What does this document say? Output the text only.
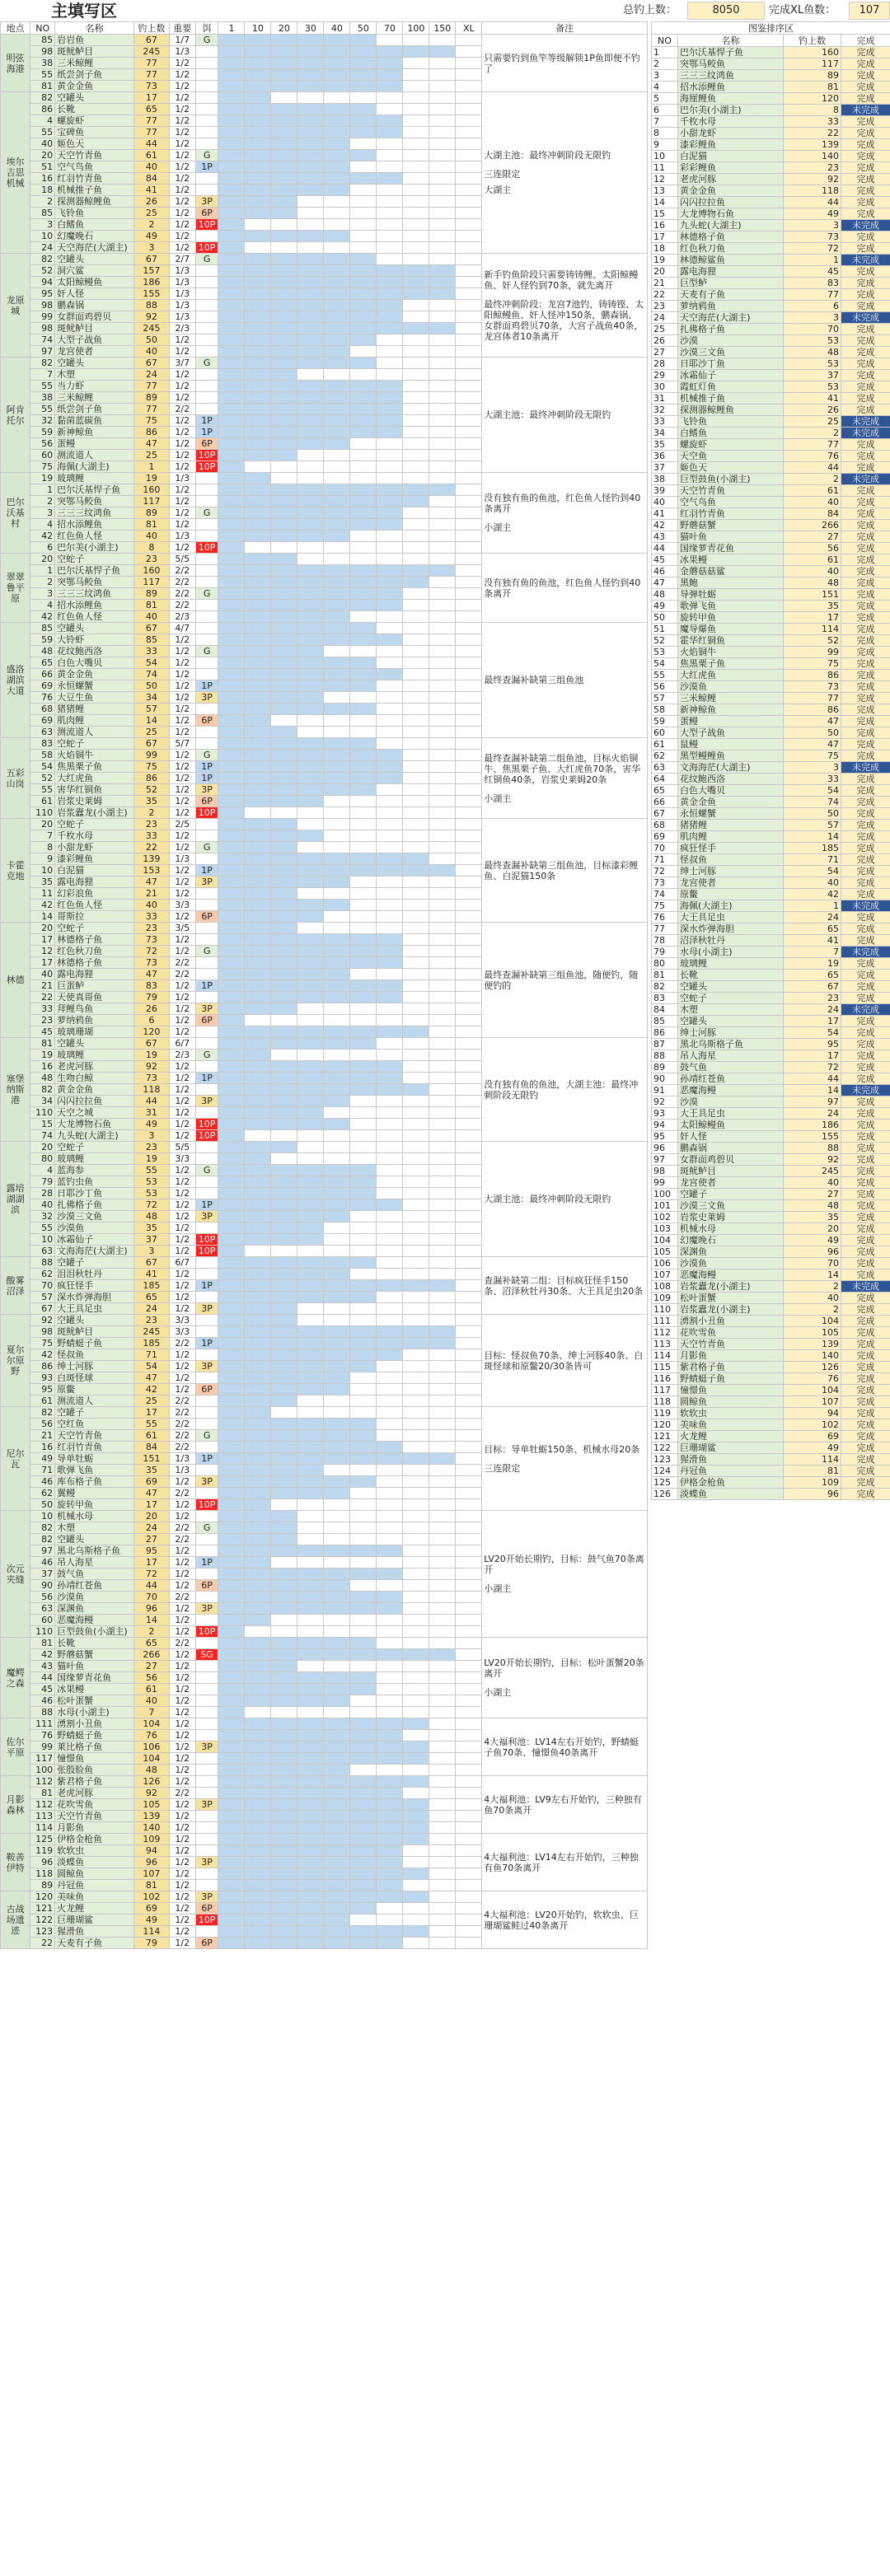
主填写区	总钓上数：	8050	完成XL鱼数：	107
地点	NO	名称	钓上数	重要	饵	1	10	20	30	40	50	70	100	150	XL	备注
明弦海港	85	岩岩鱼	67	1/7	G											只需要钓到鱼竿等级解锁1P鱼即便不钓了

	98	斑鱿鲈目	245	1/3												
	38	三米鲸鲤	77	1/2												
	55	纸尝剑子鱼	77	1/2												
	81	黄金金鱼	73	1/2												
埃尔吉思机械	82	空罐头	17	1/2												大湖主池：最终冲刺阶段无限钓
三连限定
大湖主

	86	长靴	65	1/2												
	4	螺旋虾	77	1/2												
	55	宝碑鱼	77	1/2												
	40	姬色天	44	1/2												
	20	天空竹青鱼	61	1/2	G											
	51	空气鸟鱼	40	1/2	1P											
	16	红羽竹青鱼	84	1/2												
	18	机械推子鱼	41	1/2												
	2	探测器鲸鲤鱼	26	1/2	3P											
	85	飞铃鱼	25	1/2	6P											
	3	白鳍鱼	2	1/2	10P											
	10	幻魔晚石	49	1/2												
	24	天空海茫(大湖主)	3	1/2	10P											
龙原城	82	空罐头	67	2/7	G											新手钓鱼阶段只需要铸铸鲤、太阳鲸鳗鱼、奸人怪钓到70条，就先离开
最终冲刺阶段：龙宫7池钓，铸铸铿、太阳鲸鳗鱼、奸人怪冲150条，鹏森锅、女群面鸡碧贝70条，大宫子战鱼40条，龙宫体者10条离开

	52	洞穴鲨	157	1/3												
	94	太阳鲸鳗鱼	186	1/3												
	95	奸人怪	155	1/3												
	98	鹏森锅	88	1/3												
	99	女群面鸡碧贝	92	1/3												
	98	斑鱿鲈目	245	2/3												
	74	大型子战鱼	50	1/2												
	97	龙宫使者	40	1/2												
阿肯托尔	82	空罐头	67	3/7	G											大湖主池：最终冲刺阶段无限钓

	7	木塑	24	1/2												
	55	当力虾	77	1/2												
	38	三米鲸鲤	89	1/2												
	55	纸尝剑子鱼	77	2/2												
	32	黏菌蓝碳鱼	75	1/2	1P											
	59	新神鲸鱼	86	1/2	1P											
	56	蛋鳗	47	1/2	6P											
	60	测流道人	25	1/2	10P											
	75	海佩(大湖主)	1	1/2	10P											
巴尔沃基村	19	玻璃鲤	19	1/3												没有独有鱼的鱼池，红色鱼人怪钓到40条离开
小湖主

	1	巴尔沃基悍子鱼	160	1/2												
	2	突鄂马鲛鱼	117	1/2												
	3	三三三纹鸿鱼	89	1/2	G											
	4	招水添鲤鱼	81	1/2												
	42	红色鱼人怪	40	1/3												
	6	巴尔美(小湖主)	8	1/2	10P											
翠翠鲁平原	20	空蛇子	23	5/5												没有独有鱼的鱼池，红色鱼人怪钓到40条离开

	1	巴尔沃基悍子鱼	160	2/2												
	2	突鄂马鲛鱼	117	2/2												
	3	三三三纹鸿鱼	89	2/2	G											
	4	招水添鲤鱼	81	2/2												
	42	红色鱼人怪	40	2/3												
盛洛湖滨大道	85	空罐头	67	4/7												最终查漏补缺第三组鱼池

	59	大铃虾	85	1/2												
	48	花纹鲍西洛	33	1/2	G											
	65	白色大嘴贝	54	1/2												
	66	黄金金鱼	74	1/2												
	69	永恒螺蟹	50	1/2	1P											
	76	大豆生鱼	34	1/2	3P											
	68	猪猪鲤	57	1/2												
	69	肌肉鲤	14	1/2	6P											
	63	测流道人	25	1/2												
五彩山岗	83	空蛇子	67	5/7												最终查漏补缺第二组鱼池，目标火焰铜牛、焦黑栗子鱼、大红虎鱼70条，害华红铜鱼40条，岩浆史莱姆20条
小湖主

	58	火焰铜牛	99	1/2	G											
	54	焦黑栗子鱼	75	1/2	1P											
	52	大红虎鱼	86	1/2	1P											
	55	害华红铜鱼	52	1/2	3P											
	61	岩浆史莱姆	35	1/2	6P											
	110	岩浆蠹龙(小湖主)	2	1/2	10P											
卡霍克地	20	空蛇子	23	2/5												最终查漏补缺第三组鱼池，目标漆彩鲤鱼、白泥猫150条

	7	千枚水母	33	1/2												
	8	小甜龙虾	22	1/2	G											
	9	漆彩鲤鱼	139	1/3												
	10	白泥猫	153	1/2	1P											
	35	露电海狸	47	1/2	3P											
	11	幻彩浪鱼	21	1/2												
	42	红色鱼人怪	40	3/3												
	14	哥斯拉	33	1/2	6P											
林德	20	空蛇子	23	3/5												最终查漏补缺第三组鱼池，随便钓，随便钓的

	17	林德格子鱼	73	1/2												
	12	红色秋刀鱼	72	1/2	G											
	17	林德格子鱼	73	2/2												
	40	露电海狸	47	2/2												
	21	巨蛋鲈	83	1/2	1P											
	22	天使真哥鱼	79	1/2												
	33	拜鲤鸟鱼	26	1/2	3P											
	23	萝纳鸦鱼	6	1/2	6P											
	45	玻璃珊瑚	120	1/2												
塞堡纳斯港	81	空罐头	67	6/7												没有独有鱼的鱼池，大湖主池：最终冲刺阶段无限钓

	19	玻璃鲤	19	2/3	G											
	16	老虎河豚	92	1/2												
	48	生吻白鲸	73	1/2	1P											
	82	黄金金鱼	118	1/2												
	34	闪闪拉拉鱼	44	1/2	3P											
	110	天空之城	31	1/2												
	15	大龙博物石鱼	49	1/2	10P											
	74	九头蛇(大湖主)	3	1/2	10P											
露培湖湖滨	20	空蛇子	23	5/5												大湖主池：最终冲刺阶段无限钓

	80	玻璃鲤	19	3/3												
	4	蓝海参	55	1/2	G											
	79	蓝钓虫鱼	53	1/2												
	28	日耶沙丁鱼	53	1/2												
	40	扎佛格子鱼	72	1/2	1P											
	32	沙漠三文鱼	48	1/2	3P											
	55	沙漠鱼	35	1/2												
	10	冰霜仙子	37	1/2	10P											
	63	文海海茫(大湖主)	3	1/2	10P											
酸雾沼泽	88	空罐子	67	6/7												查漏补缺第二组：目标疯狂怪手150条、沼泽秋牡丹30条、大王具足虫20条

	62	泪泪秋牡丹	41	1/2												
	70	疯狂怪手	185	1/2	1P											
	57	深水炸弹海胆	65	1/2												
	67	大王具足虫	24	1/2	3P											
夏尔尔原野	92	空罐头	23	3/3												目标：怪叔鱼70条、绅士河豚40条、白斑怪球和原鳖20/30条皆可

	98	斑鱿鲈目	245	3/3												
	75	野蜻蜓子鱼	185	2/2	1P											
	42	怪叔鱼	71	1/2												
	86	绅士河豚	54	1/2	3P											
	93	白斑怪球	47	1/2												
	95	原鳖	42	1/2	6P											
	61	测流道人	25	2/2												
尼尔瓦	82	空罐子	17	2/2												目标：导单牡蛎150条、机械水母20条
三连限定

	56	空红鱼	55	2/2												
	21	天空竹青鱼	61	2/2	G											
	16	红羽竹青鱼	84	2/2												
	49	导单牡蛎	151	1/3	1P											
	71	歌弹飞鱼	35	1/3												
	46	库布格子鱼	69	1/2	3P											
	62	翼鳗	47	2/2												
	50	旋转甲鱼	17	1/2	10P											
次元夹缝	10	机械水母	20	1/2												LV20开始长期钓，目标：鼓气鱼70条离开
小湖主

	82	木塑	24	2/2	G											
	82	空罐头	27	2/2												
	97	黑北乌斯格子鱼	95	1/2												
	46	吊人海星	17	1/2	1P											
	37	鼓气鱼	72	1/2												
	90	孙靖红苍鱼	44	1/2	6P											
	56	沙漠鱼	70	2/2												
	63	深渊鱼	96	1/2	3P											
	60	恶魔海鳗	14	1/2												
	110	巨型鼓鱼(小湖主)	2	1/2	10P											
魔鳄之森	81	长靴	65	2/2												LV20开始长期钓，目标：松叶蛋蟹20条离开
小湖主

	42	野蘑菇蟹	266	1/2	SG											
	43	猫叶鱼	27	1/2												
	44	国缘萝青花鱼	56	1/2												
	45	冰果鳗	61	1/2												
	46	松叶蛋蟹	40	1/2												
	88	水母(小湖主)	7	1/2												
佐尔平原	111	湧割小丑鱼	104	1/2												4大福利池：LV14左右开始钓，野蜻蜓子鱼70条、憧憬鱼40条离开

	76	野蜻蜓子鱼	76	1/2												
	99	莱比格子鱼	106	1/2	3P											
	117	憧憬鱼	104	1/2												
	100	张殷脸鱼	48	1/2												
月影森林	112	紫君格子鱼	126	1/2												4大福利池：LV9左右开始钓，三种独有鱼70条离开

	81	老虎河豚	92	2/2												
	112	花吹雪鱼	105	1/2	3P											
	113	天空竹青鱼	139	1/2												
	114	月影鱼	140	1/2												
鞍善伊特	125	伊格金枪鱼	109	1/2												4大福利池：LV14左右开始钓，三种独有鱼70条离开

	119	软软虫	94	1/2												
	96	淡蝶鱼	96	1/2	3P											
	118	圆鲸鱼	107	1/2												
	89	丹冠鱼	81	1/2												
古战场遗迹	120	美味鱼	102	1/2	3P											4大福利池：LV20开始钓，软软虫、巨珊瑚鲨鲑过40条离开

	121	火龙鲤	69	1/2	6P											
	122	巨珊瑚鲨	49	1/2	10P											
	123	猩滑鱼	114	1/2												
	22	天麦有子鱼	79	1/2	6P											
图鉴排序区			
NO	名称	钓上数	完成
1	巴尔沃基悍子鱼	160	完成
2	突鄂马鲛鱼	117	完成
3	三三三纹鸿鱼	89	完成
4	招水添鲤鱼	81	完成
5	海厘鲤鱼	120	完成
6	巴尔美(小湖主)	8	未完成
7	千枚水母	33	完成
8	小甜龙虾	22	完成
9	漆彩鲤鱼	139	完成
10	白泥猫	140	完成
11	彩彩鲤鱼	23	完成
12	老虎河豚	92	完成
13	黄金金鱼	118	完成
14	闪闪拉拉鱼	44	完成
15	大龙博物石鱼	49	完成
16	九头蛇(大湖主)	3	未完成
17	林德格子鱼	73	完成
18	红色秋刀鱼	72	完成
19	林德鲸鲨鱼	1	未完成
20	露电海狸	45	完成
21	巨型鲈	83	完成
22	天麦有子鱼	77	完成
23	萝纳鸦鱼	6	完成
24	天空海茫(大湖主)	3	未完成
25	扎佛格子鱼	70	完成
26	沙漠	53	完成
27	沙漠三文鱼	48	完成
28	日耶沙丁鱼	53	完成
29	冰霜仙子	37	完成
30	霞虹灯鱼	53	完成
31	机械推子鱼	41	完成
32	探测器鲸鲤鱼	26	完成
33	飞铃鱼	25	未完成
34	白鳍鱼	2	未完成
35	螺旋虾	77	完成
36	天空鱼	76	完成
37	姬色天	44	完成
38	巨型鼓鱼(小湖主)	2	未完成
39	天空竹青鱼	61	完成
40	空气鸟鱼	40	完成
41	红羽竹青鱼	84	完成
42	野蘑菇蟹	266	完成
43	猫叶鱼	27	完成
44	国缘萝青花鱼	56	完成
45	冰果鳗	61	完成
46	金蘑菇菇鲨	40	完成
47	黑鲍	48	完成
48	导弹牡蛎	151	完成
49	歌弹飞鱼	35	完成
50	旋转甲鱼	17	完成
51	魔导爆鱼	114	完成
52	霍华红铜鱼	52	完成
53	火焰铜牛	99	完成
54	焦黑栗子鱼	75	完成
55	大红虎鱼	86	完成
56	沙漠鱼	73	完成
57	三米鲸鲤	77	完成
58	新神鲸鱼	86	完成
59	蛋鳗	47	完成
60	大型子战鱼	50	完成
61	鼠鳗	47	完成
62	黑型鳗鲤鱼	75	完成
63	文海海茫(大湖主)	3	未完成
64	花纹鲍西洛	33	完成
65	白色大嘴贝	54	完成
66	黄金金鱼	74	完成
67	永恒螺蟹	50	完成
68	猪猪鲤	57	完成
69	肌肉鲤	14	完成
70	疯狂怪手	185	完成
71	怪叔鱼	71	完成
72	绅士河豚	54	完成
73	龙宫使者	40	完成
74	原鳖	42	完成
75	海佩(大湖主)	1	未完成
76	大王具足虫	24	完成
77	深水炸弹海胆	65	完成
78	沼泽秋牡丹	41	完成
79	水母(小湖主)	7	未完成
80	玻璃鲤	19	完成
81	长靴	65	完成
82	空罐头	67	完成
83	空蛇子	23	完成
84	木塑	24	未完成
85	空罐头	17	完成
86	绅士河豚	54	完成
87	黑北乌斯格子鱼	95	完成
88	吊人海星	17	完成
89	鼓气鱼	72	完成
90	孙靖红苍鱼	44	完成
91	恶魔海鳗	14	未完成
92	沙漠	97	完成
93	大王具足虫	24	完成
94	太阳鲸鳗鱼	186	完成
95	奸人怪	155	完成
96	鹏森锅	88	完成
97	女群面鸡碧贝	92	完成
98	斑鱿鲈目	245	完成
99	龙宫使者	40	完成
100	空罐子	27	完成
101	沙漠三文鱼	48	完成
102	岩浆史莱姆	35	完成
103	机械水母	20	完成
104	幻魔晚石	49	完成
105	深渊鱼	96	完成
106	沙漠鱼	70	完成
107	恶魔海鳗	14	完成
108	岩浆蠹龙(小湖主)	2	未完成
109	松叶蛋蟹	40	完成
110	岩浆蠹龙(小湖主)	2	完成
111	湧割小丑鱼	104	完成
112	花吹雪鱼	105	完成
113	天空竹青鱼	139	完成
114	月影鱼	140	完成
115	紫君格子鱼	126	完成
116	野蜻蜓子鱼	76	完成
117	憧憬鱼	104	完成
118	圆鲸鱼	107	完成
119	软软虫	94	完成
120	美味鱼	102	完成
121	火龙鲤	69	完成
122	巨珊瑚鲨	49	完成
123	猩滑鱼	114	完成
124	丹冠鱼	81	完成
125	伊格金枪鱼	109	完成
126	淡蝶鱼	96	完成
